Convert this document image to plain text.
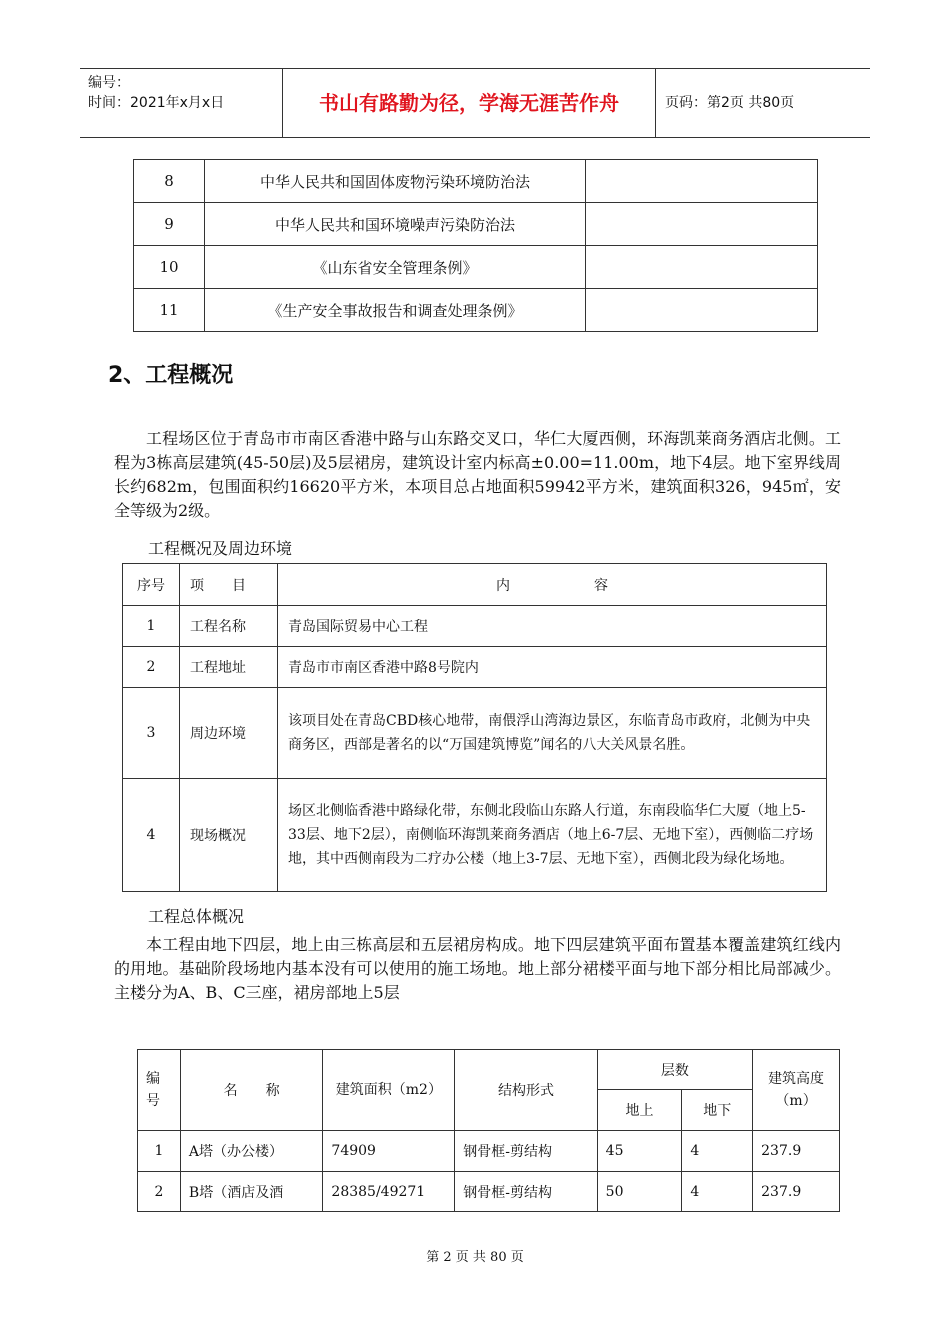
编号：
时间：2021年x月x日	书山有路勤为径，学海无涯苦作舟	页码：第2页 共80页
8	中华人民共和国固体废物污染环境防治法	
9	中华人民共和国环境噪声污染防治法	
10	《山东省安全管理条例》	
11	《生产安全事故报告和调查处理条例》	
2、工程概况
工程场区位于青岛市市南区香港中路与山东路交叉口，华仁大厦西侧，环海凯莱商务酒店北侧。工程为3栋高层建筑(45-50层)及5层裙房，建筑设计室内标高±0.00=11.00m，地下4层。地下室界线周长约682m，包围面积约16620平方米，本项目总占地面积59942平方米，建筑面积326，945㎡，安全等级为2级。
工程概况及周边环境
序号	项　　目	内　　　　　　容
1	工程名称	青岛国际贸易中心工程
2	工程地址	青岛市市南区香港中路8号院内
3	周边环境	该项目处在青岛CBD核心地带，南偎浮山湾海边景区，东临青岛市政府，北侧为中央商务区，西部是著名的以“万国建筑博览”闻名的八大关风景名胜。
4	现场概况	场区北侧临香港中路绿化带，东侧北段临山东路人行道，东南段临华仁大厦（地上5-33层、地下2层），南侧临环海凯莱商务酒店（地上6-7层、无地下室），西侧临二疗场地，其中西侧南段为二疗办公楼（地上3-7层、无地下室），西侧北段为绿化场地。
工程总体概况
本工程由地下四层，地上由三栋高层和五层裙房构成。地下四层建筑平面布置基本覆盖建筑红线内的用地。基础阶段场地内基本没有可以使用的施工场地。地上部分裙楼平面与地下部分相比局部减少。主楼分为A、B、C三座，裙房部地上5层
编号	名　　称	建筑面积（m2）	结构形式	层数		建筑高度（m）
				地上	地下	
1	A塔（办公楼）	74909	钢骨框-剪结构	45	4	237.9
2	B塔（酒店及酒	28385/49271	钢骨框-剪结构	50	4	237.9
第 2 页 共 80 页
